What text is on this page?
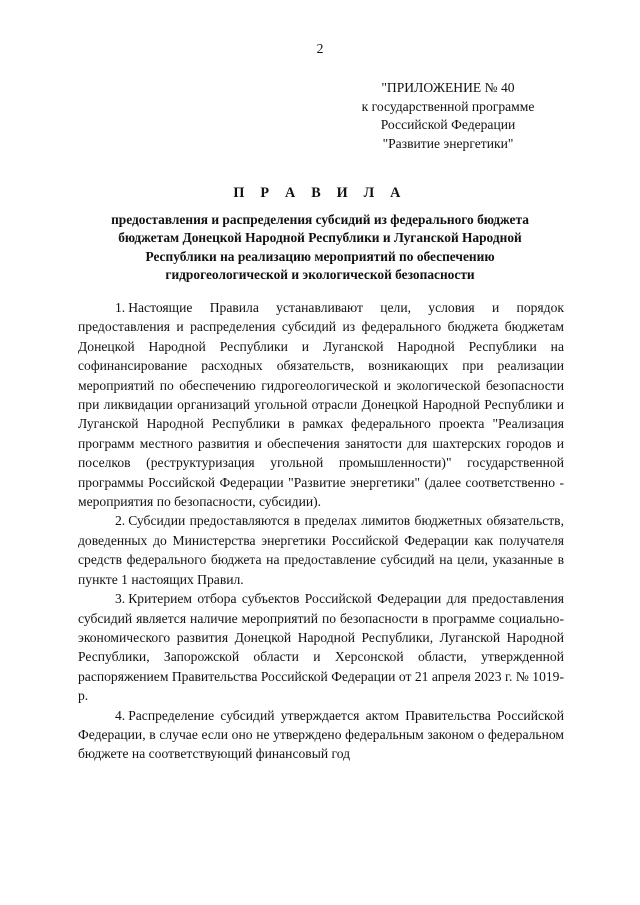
2
"ПРИЛОЖЕНИЕ № 40
к государственной программе
Российской Федерации
"Развитие энергетики"
П Р А В И Л А
предоставления и распределения субсидий из федерального бюджета
бюджетам Донецкой Народной Республики и Луганской Народной
Республики на реализацию мероприятий по обеспечению
гидрогеологической и экологической безопасности

1. Настоящие Правила устанавливают цели, условия и порядок предоставления и распределения субсидий из федерального бюджета бюджетам Донецкой Народной Республики и Луганской Народной Республики на софинансирование расходных обязательств, возникающих при реализации мероприятий по обеспечению гидрогеологической и экологической безопасности при ликвидации организаций угольной отрасли Донецкой Народной Республики и Луганской Народной Республики в рамках федерального проекта "Реализация программ местного развития и обеспечения занятости для шахтерских городов и поселков (реструктуризация угольной промышленности)" государственной программы Российской Федерации "Развитие энергетики" (далее соответственно - мероприятия по безопасности, субсидии).

2. Субсидии предоставляются в пределах лимитов бюджетных обязательств, доведенных до Министерства энергетики Российской Федерации как получателя средств федерального бюджета на предоставление субсидий на цели, указанные в пункте 1 настоящих Правил.

3. Критерием отбора субъектов Российской Федерации для предоставления субсидий является наличие мероприятий по безопасности в программе социально-экономического развития Донецкой Народной Республики, Луганской Народной Республики, Запорожской области и Херсонской области, утвержденной распоряжением Правительства Российской Федерации от 21 апреля 2023 г. № 1019-р.

4. Распределение субсидий утверждается актом Правительства Российской Федерации, в случае если оно не утверждено федеральным законом о федеральном бюджете на соответствующий финансовый год
